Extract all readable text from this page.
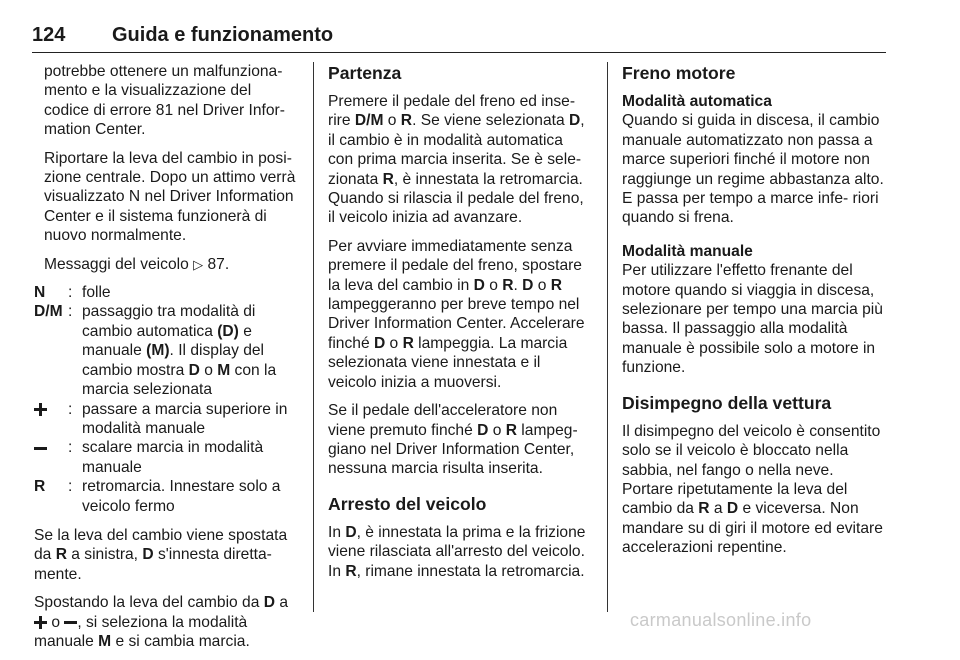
124 Guida e funzionamento

potrebbe ottenere un malfunziona- mento e la visualizzazione del codice di errore 81 nel Driver Infor- mation Center.

Riportare la leva del cambio in posi- zione centrale. Dopo un attimo verrà visualizzato N nel Driver Information Center e il sistema funzionerà di nuovo normalmente.

Messaggi del veicolo ▷ 87.

N	:	folle
D/M	:	passaggio tra modalità di cambio automatica (D) e manuale (M). Il display del cambio mostra D o M con la marcia selezionata
	:	passare a marcia superiore in modalità manuale
	:	scalare marcia in modalità manuale
R	:	retromarcia. Innestare solo a veicolo fermo

Se la leva del cambio viene spostata da R a sinistra, D s'innesta diretta- mente.

Spostando la leva del cambio da D a  o , si seleziona la modalità manuale M e si cambia marcia.

Partenza

Premere il pedale del freno ed inse- rire D/M o R. Se viene selezionata D, il cambio è in modalità automatica con prima marcia inserita. Se è sele- zionata R, è innestata la retromarcia. Quando si rilascia il pedale del freno, il veicolo inizia ad avanzare.

Per avviare immediatamente senza premere il pedale del freno, spostare la leva del cambio in D o R. D o R lampeggeranno per breve tempo nel Driver Information Center. Accelerare finché D o R lampeggia. La marcia selezionata viene innestata e il veicolo inizia a muoversi.

Se il pedale dell'acceleratore non viene premuto finché D o R lampeg- giano nel Driver Information Center, nessuna marcia risulta inserita.

Arresto del veicolo

In D, è innestata la prima e la frizione viene rilasciata all'arresto del veicolo. In R, rimane innestata la retromarcia.

Freno motore
Modalità automatica

Quando si guida in discesa, il cambio manuale automatizzato non passa a marce superiori finché il motore non raggiunge un regime abbastanza alto. E passa per tempo a marce infe- riori quando si frena.

Modalità manuale

Per utilizzare l'effetto frenante del motore quando si viaggia in discesa, selezionare per tempo una marcia più bassa. Il passaggio alla modalità manuale è possibile solo a motore in funzione.

Disimpegno della vettura

Il disimpegno del veicolo è consentito solo se il veicolo è bloccato nella sabbia, nel fango o nella neve.

Portare ripetutamente la leva del cambio da R a D e viceversa. Non mandare su di giri il motore ed evitare accelerazioni repentine.

carmanualsonline.info
